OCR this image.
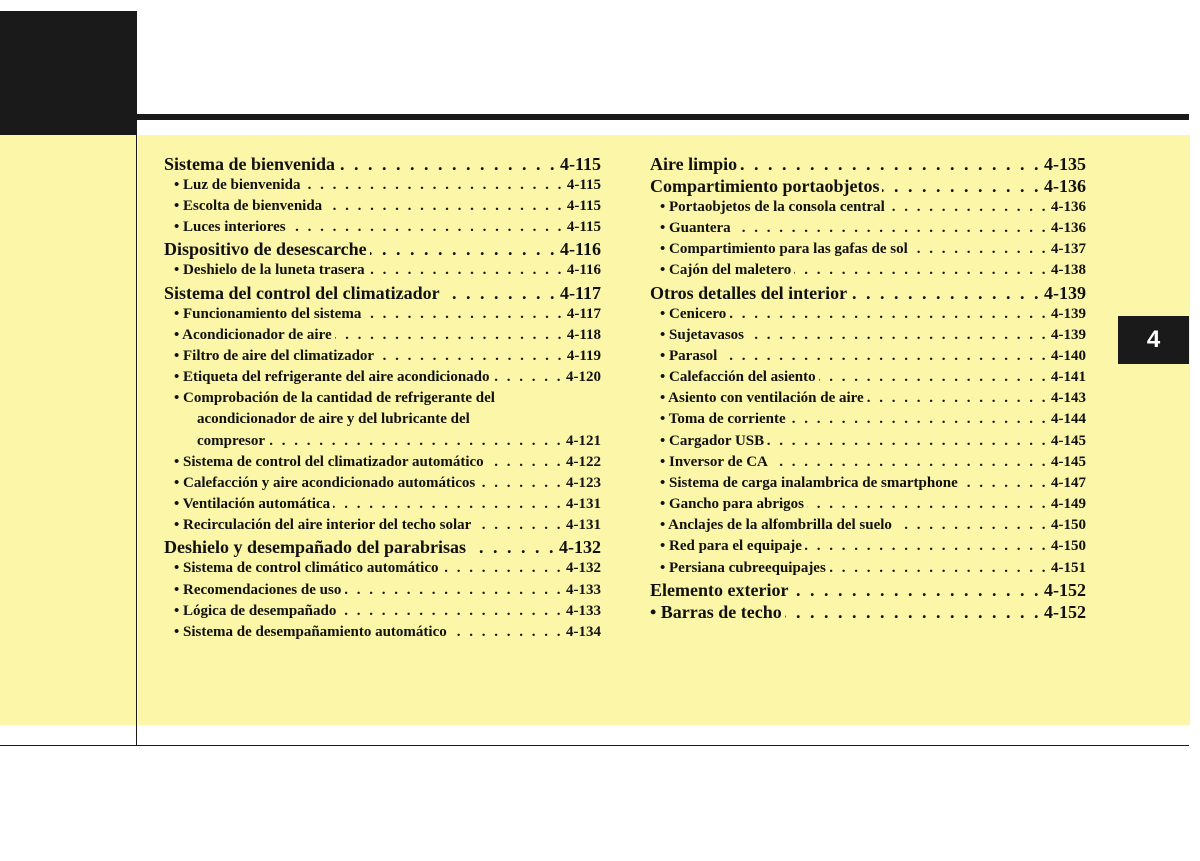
4
Sistema de bienvenida . . .	4-115
• Luz de bienvenida . . .	4-115
• Escolta de bienvenida . . .	4-115
• Luces interiores . . .	4-115
Dispositivo de desescarche . . .	4-116
• Deshielo de la luneta trasera . . .	4-116
Sistema del control del climatizador . . .	4-117
• Funcionamiento del sistema . . .	4-117
• Acondicionador de aire . . .	4-118
• Filtro de aire del climatizador . . .	4-119
• Etiqueta del refrigerante del aire acondicionado . . .	4-120
• Comprobación de la cantidad de refrigerante del
acondicionador de aire y del lubricante del
compresor . . .	4-121
• Sistema de control del climatizador automático . . .	4-122
• Calefacción y aire acondicionado automáticos . . .	4-123
• Ventilación automática . . .	4-131
• Recirculación del aire interior del techo solar . . .	4-131
Deshielo y desempañado del parabrisas . . .	4-132
• Sistema de control climático automático . . .	4-132
• Recomendaciones de uso . . .	4-133
• Lógica de desempañado . . .	4-133
• Sistema de desempañamiento automático . . .	4-134
Aire limpio . . .	4-135
Compartimiento portaobjetos . . .	4-136
• Portaobjetos de la consola central . . .	4-136
• Guantera . . .	4-136
• Compartimiento para las gafas de sol . . .	4-137
• Cajón del maletero . . .	4-138
Otros detalles del interior . . .	4-139
• Cenicero . . .	4-139
• Sujetavasos . . .	4-139
• Parasol . . .	4-140
• Calefacción del asiento . . .	4-141
• Asiento con ventilación de aire . . .	4-143
• Toma de corriente . . .	4-144
• Cargador USB . . .	4-145
• Inversor de CA . . .	4-145
• Sistema de carga inalambrica de smartphone . . .	4-147
• Gancho para abrigos . . .	4-149
• Anclajes de la alfombrilla del suelo . . .	4-150
• Red para el equipaje . . .	4-150
• Persiana cubreequipajes . . .	4-151
Elemento exterior . . .	4-152
• Barras de techo . . .	4-152
